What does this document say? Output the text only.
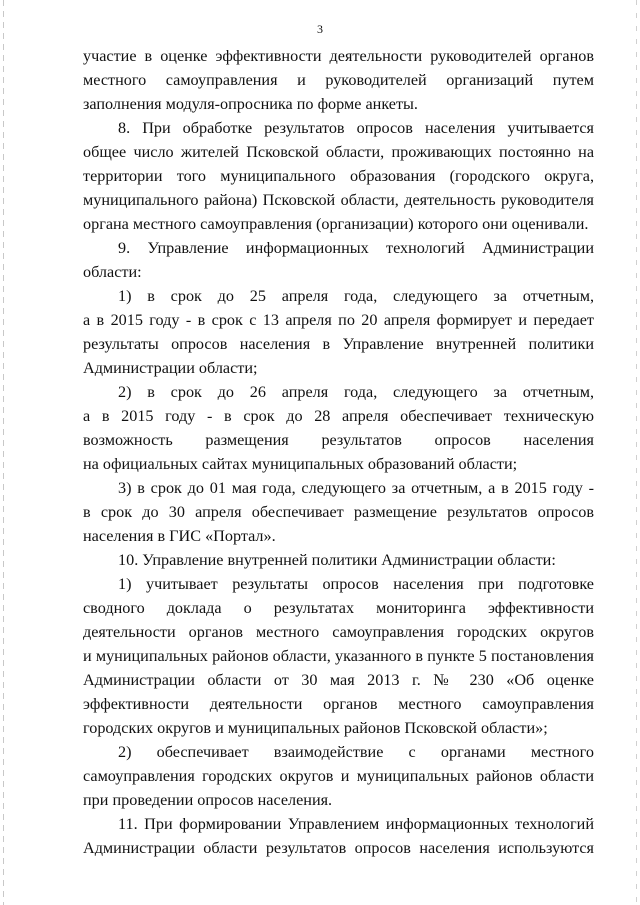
3
участие в оценке эффективности деятельности руководителей органов
местного самоуправления и руководителей организаций путем
заполнения модуля-опросника по форме анкеты.
8. При обработке результатов опросов населения учитывается
общее число жителей Псковской области, проживающих постоянно на
территории того муниципального образования (городского округа,
муниципального района) Псковской области, деятельность руководителя
органа местного самоуправления (организации) которого они оценивали.
9. Управление информационных технологий Администрации
области:
1) в срок до 25 апреля года, следующего за отчетным,
а в 2015 году - в срок с 13 апреля по 20 апреля формирует и передает
результаты опросов населения в Управление внутренней политики
Администрации области;
2) в срок до 26 апреля года, следующего за отчетным,
а в 2015 году - в срок до 28 апреля обеспечивает техническую
возможность размещения результатов опросов населения
на официальных сайтах муниципальных образований области;
3) в срок до 01 мая года, следующего за отчетным, а в 2015 году -
в срок до 30 апреля обеспечивает размещение результатов опросов
населения в ГИС «Портал».
10. Управление внутренней политики Администрации области:
1) учитывает результаты опросов населения при подготовке
сводного доклада о результатах мониторинга эффективности
деятельности органов местного самоуправления городских округов
и муниципальных районов области, указанного в пункте 5 постановления
Администрации области от 30 мая 2013 г. № 230 «Об оценке
эффективности деятельности органов местного самоуправления
городских округов и муниципальных районов Псковской области»;
2) обеспечивает взаимодействие с органами местного
самоуправления городских округов и муниципальных районов области
при проведении опросов населения.
11. При формировании Управлением информационных технологий
Администрации области результатов опросов населения используются
